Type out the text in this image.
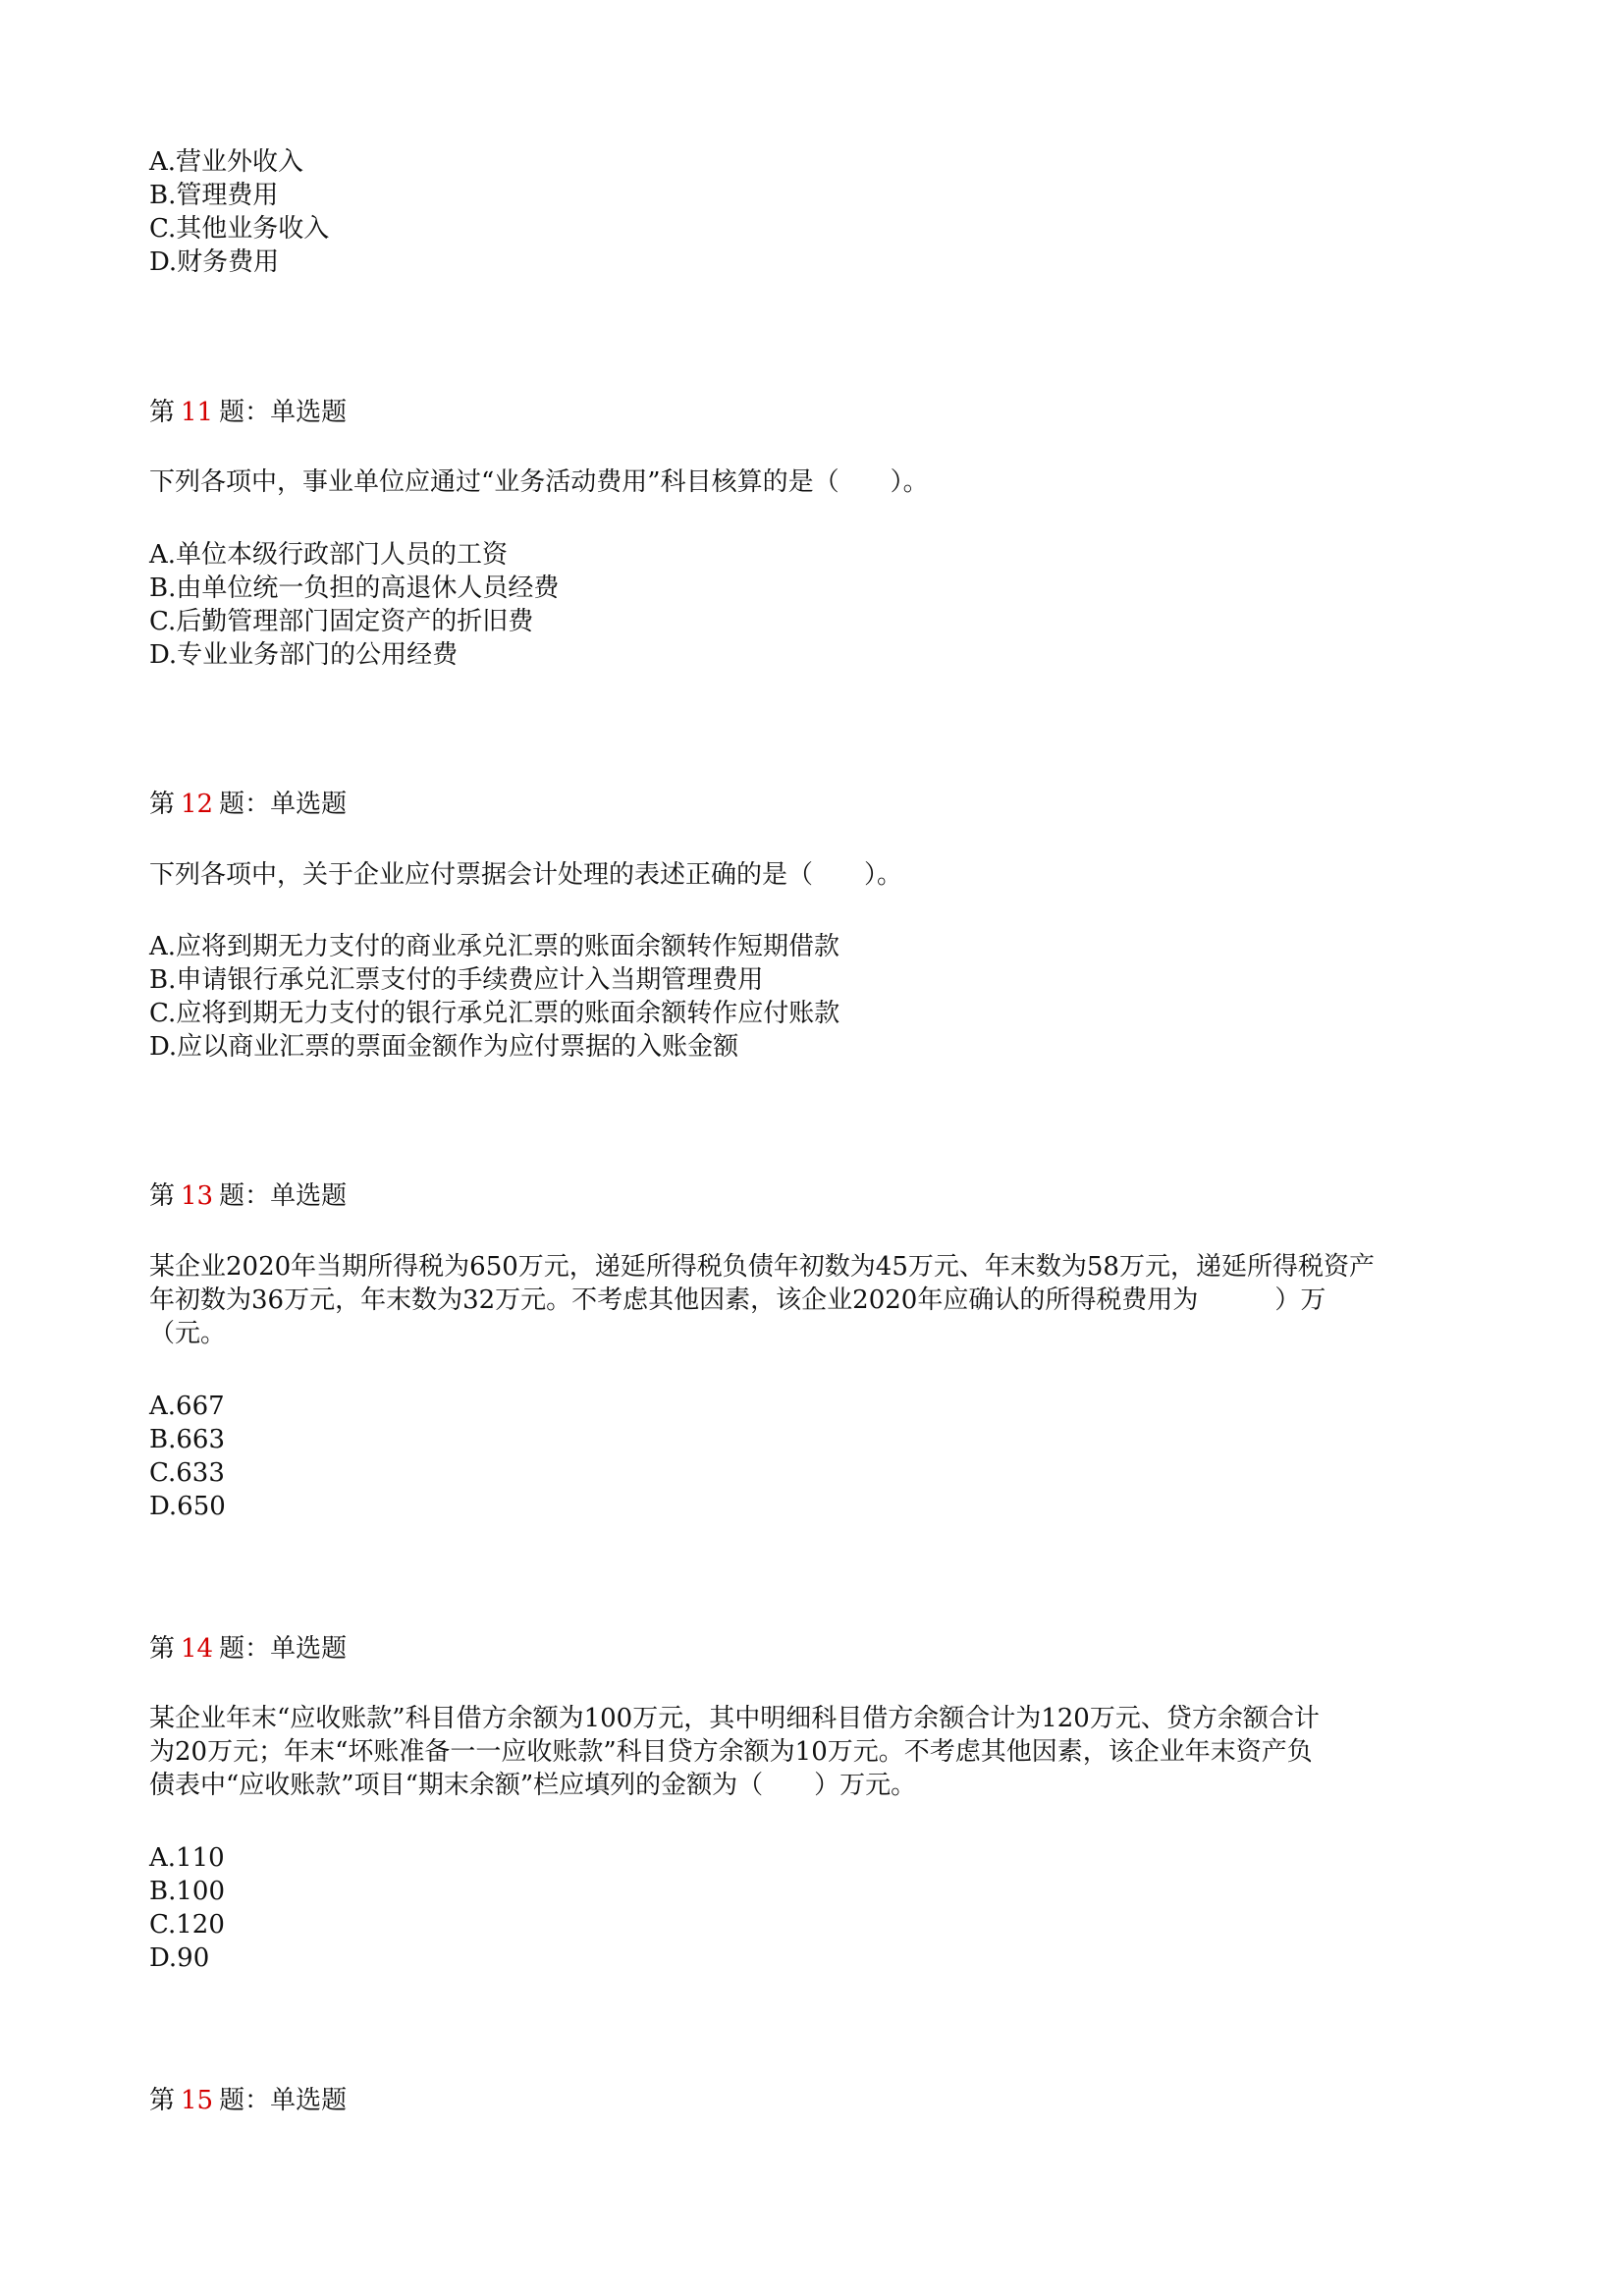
A.营业外收入
B.管理费用
C.其他业务收入
D.财务费用
第 11 题：单选题
下列各项中，事业单位应通过“业务活动费用”科目核算的是（　　）。
A.单位本级行政部门人员的工资
B.由单位统一负担的高退休人员经费
C.后勤管理部门固定资产的折旧费
D.专业业务部门的公用经费
第 12 题：单选题
下列各项中，关于企业应付票据会计处理的表述正确的是（　　）。
A.应将到期无力支付的商业承兑汇票的账面余额转作短期借款
B.申请银行承兑汇票支付的手续费应计入当期管理费用
C.应将到期无力支付的银行承兑汇票的账面余额转作应付账款
D.应以商业汇票的票面金额作为应付票据的入账金额
第 13 题：单选题
某企业2020年当期所得税为650万元，递延所得税负债年初数为45万元、年末数为58万元，递延所得税资产
年初数为36万元，年末数为32万元。不考虑其他因素，该企业2020年应确认的所得税费用为　　　）万
（元。
A.667
B.663
C.633
D.650
第 14 题：单选题
某企业年末“应收账款”科目借方余额为100万元，其中明细科目借方余额合计为120万元、贷方余额合计
为20万元；年末“坏账准备一一应收账款”科目贷方余额为10万元。不考虑其他因素，该企业年末资产负
债表中“应收账款”项目“期末余额”栏应填列的金额为（　　）万元。
A.110
B.100
C.120
D.90
第 15 题：单选题
